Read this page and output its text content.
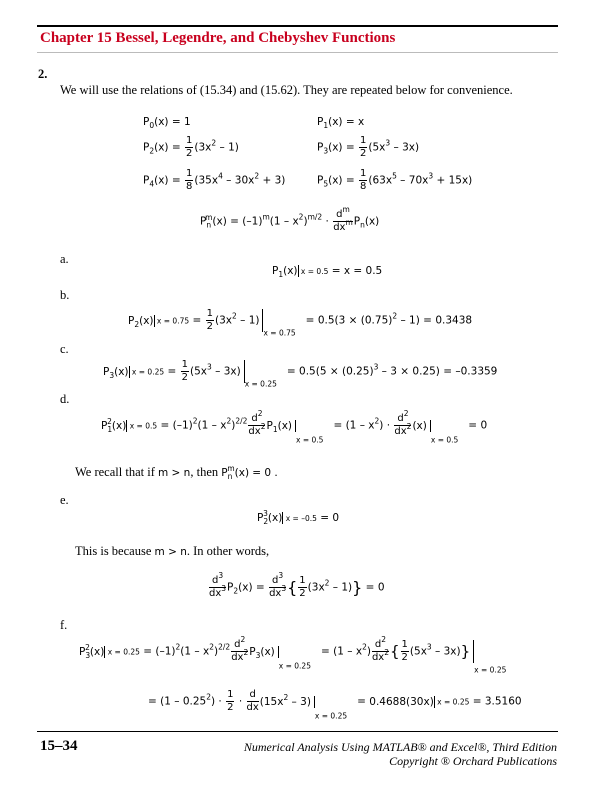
Chapter 15 Bessel, Legendre, and Chebyshev Functions
2.
We will use the relations of (15.34) and (15.62). They are repeated below for convenience.
$P_0(x) = 1$	$P_1(x) = x$
$P_2(x) = \frac{1}{2} (3x^2 - 1)$	$P_3(x) = \frac{1}{2} (5x^3 - 3x)$
$P_4(x) = \frac{1}{8} (35x^4 - 30x^2 + 3)$	$P_5(x) = \frac{1}{8} (63x^5 - 70x^3 + 15x)$
$P_n^m(x) = (-1)^m(1 - x^2)^{m/2} \cdot \frac{d^m}{dx^m} P_n(x)$
a.
$P_1(x) x = 0.5 = x = 0.5$
b.
$P_2(x) x = 0.75 = \frac{1}{2} (3x^2 - 1)_{x = 0.75} = 0.5(3 \times (0.75)^2 - 1) = 0.3438$
c.
$P_3(x) x = 0.25 = \frac{1}{2} (5x^3 - 3x)_{x = 0.25} = 0.5(5 \times (0.25)^3 - 3 \times 0.25) = -0.3359$
d.
$P_1^2(x) x = 0.5 = (-1)^2(1 - x^2)^{2/2} \frac{d^2}{dx^2} P_1(x)_{x = 0.5} = (1 - x^2) \cdot \frac{d^2}{dx^2} (x)_{x = 0.5} = 0$
We recall that if m > n, then $P_n^m(x) = 0$ .
e.
$P_2^3(x) x = -0.5 = 0$
This is because m > n. In other words,
$\frac{d^3}{dx^3} P_2(x) = \frac{d^3}{dx^3}$ { $\frac{1}{2} (3x^2 - 1)\} = 0$
f.
$P_3^2(x) x = 0.25 = (-1)^2(1 - x^2)^{2/2} \frac{d^2}{dx^2} P_3(x)_{x = 0.25} = (1 - x^2) \frac{d^2}{dx^2}$ { $\frac{1}{2} (5x^3 - 3x)\}_{x = 0.25}$
= $(1 - 0.25^2) \cdot \frac{1}{2} \cdot \frac{d}{dx} (15x^2 - 3)_{x = 0.25} = 0.4688(30x)$ x = 0.25 = 3.5160
15–34	Numerical Analysis Using MATLAB® and Excel®, Third Edition
Copyright ® Orchard Publications
